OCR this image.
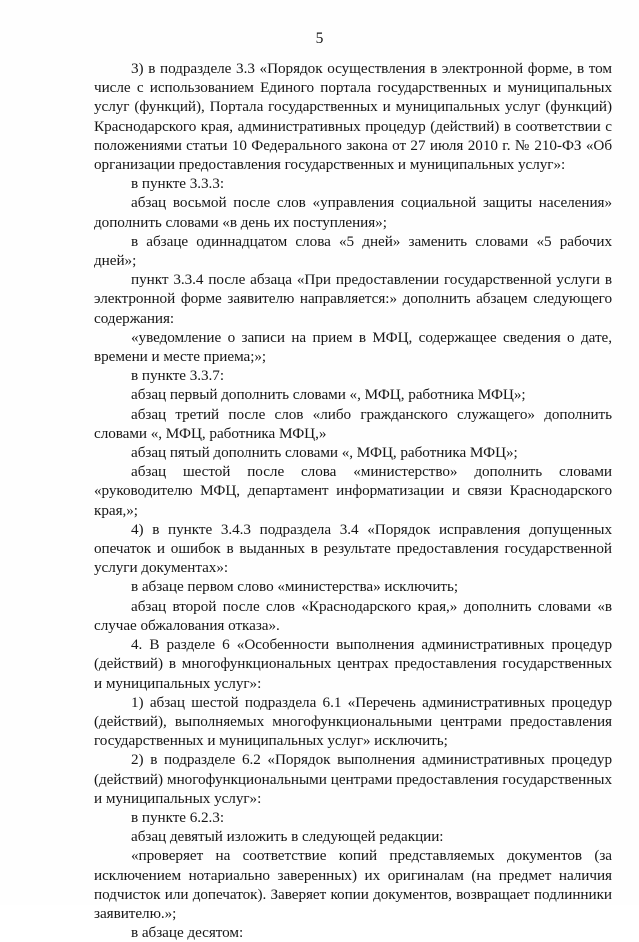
5

3) в подразделе 3.3 «Порядок осуществления в электронной форме, в том числе с использованием Единого портала государственных и муниципальных услуг (функций), Портала государственных и муниципальных услуг (функций) Краснодарского края, административных процедур (действий) в соответствии с положениями статьи 10 Федерального закона от 27 июля 2010 г. № 210-ФЗ «Об организации предоставления государственных и муниципальных услуг»:

в пункте 3.3.3:

абзац восьмой после слов «управления социальной защиты населения» дополнить словами «в день их поступления»;

в абзаце одиннадцатом слова «5 дней» заменить словами «5 рабочих дней»;

пункт 3.3.4 после абзаца «При предоставлении государственной услуги в электронной форме заявителю направляется:» дополнить абзацем следующего содержания:

«уведомление о записи на прием в МФЦ, содержащее сведения о дате, времени и месте приема;»;

в пункте 3.3.7:

абзац первый дополнить словами «, МФЦ, работника МФЦ»;

абзац третий после слов «либо гражданского служащего» дополнить словами «, МФЦ, работника МФЦ,»

абзац пятый дополнить словами «, МФЦ, работника МФЦ»;

абзац шестой после слова «министерство» дополнить словами «руководителю МФЦ, департамент информатизации и связи Краснодарского края,»;

4) в пункте 3.4.3 подраздела 3.4 «Порядок исправления допущенных опечаток и ошибок в выданных в результате предоставления государственной услуги документах»:

в абзаце первом слово «министерства» исключить;

абзац второй после слов «Краснодарского края,» дополнить словами «в случае обжалования отказа».

4. В разделе 6 «Особенности выполнения административных процедур (действий) в многофункциональных центрах предоставления государственных и муниципальных услуг»:

1) абзац шестой подраздела 6.1 «Перечень административных процедур (действий), выполняемых многофункциональными центрами предоставления государственных и муниципальных услуг» исключить;

2) в подразделе 6.2 «Порядок выполнения административных процедур (действий) многофункциональными центрами предоставления государственных и муниципальных услуг»:

в пункте 6.2.3:

абзац девятый изложить в следующей редакции:

«проверяет на соответствие копий представляемых документов (за исключением нотариально заверенных) их оригиналам (на предмет наличия подчисток или допечаток). Заверяет копии документов, возвращает подлинники заявителю.»;

в абзаце десятом:
